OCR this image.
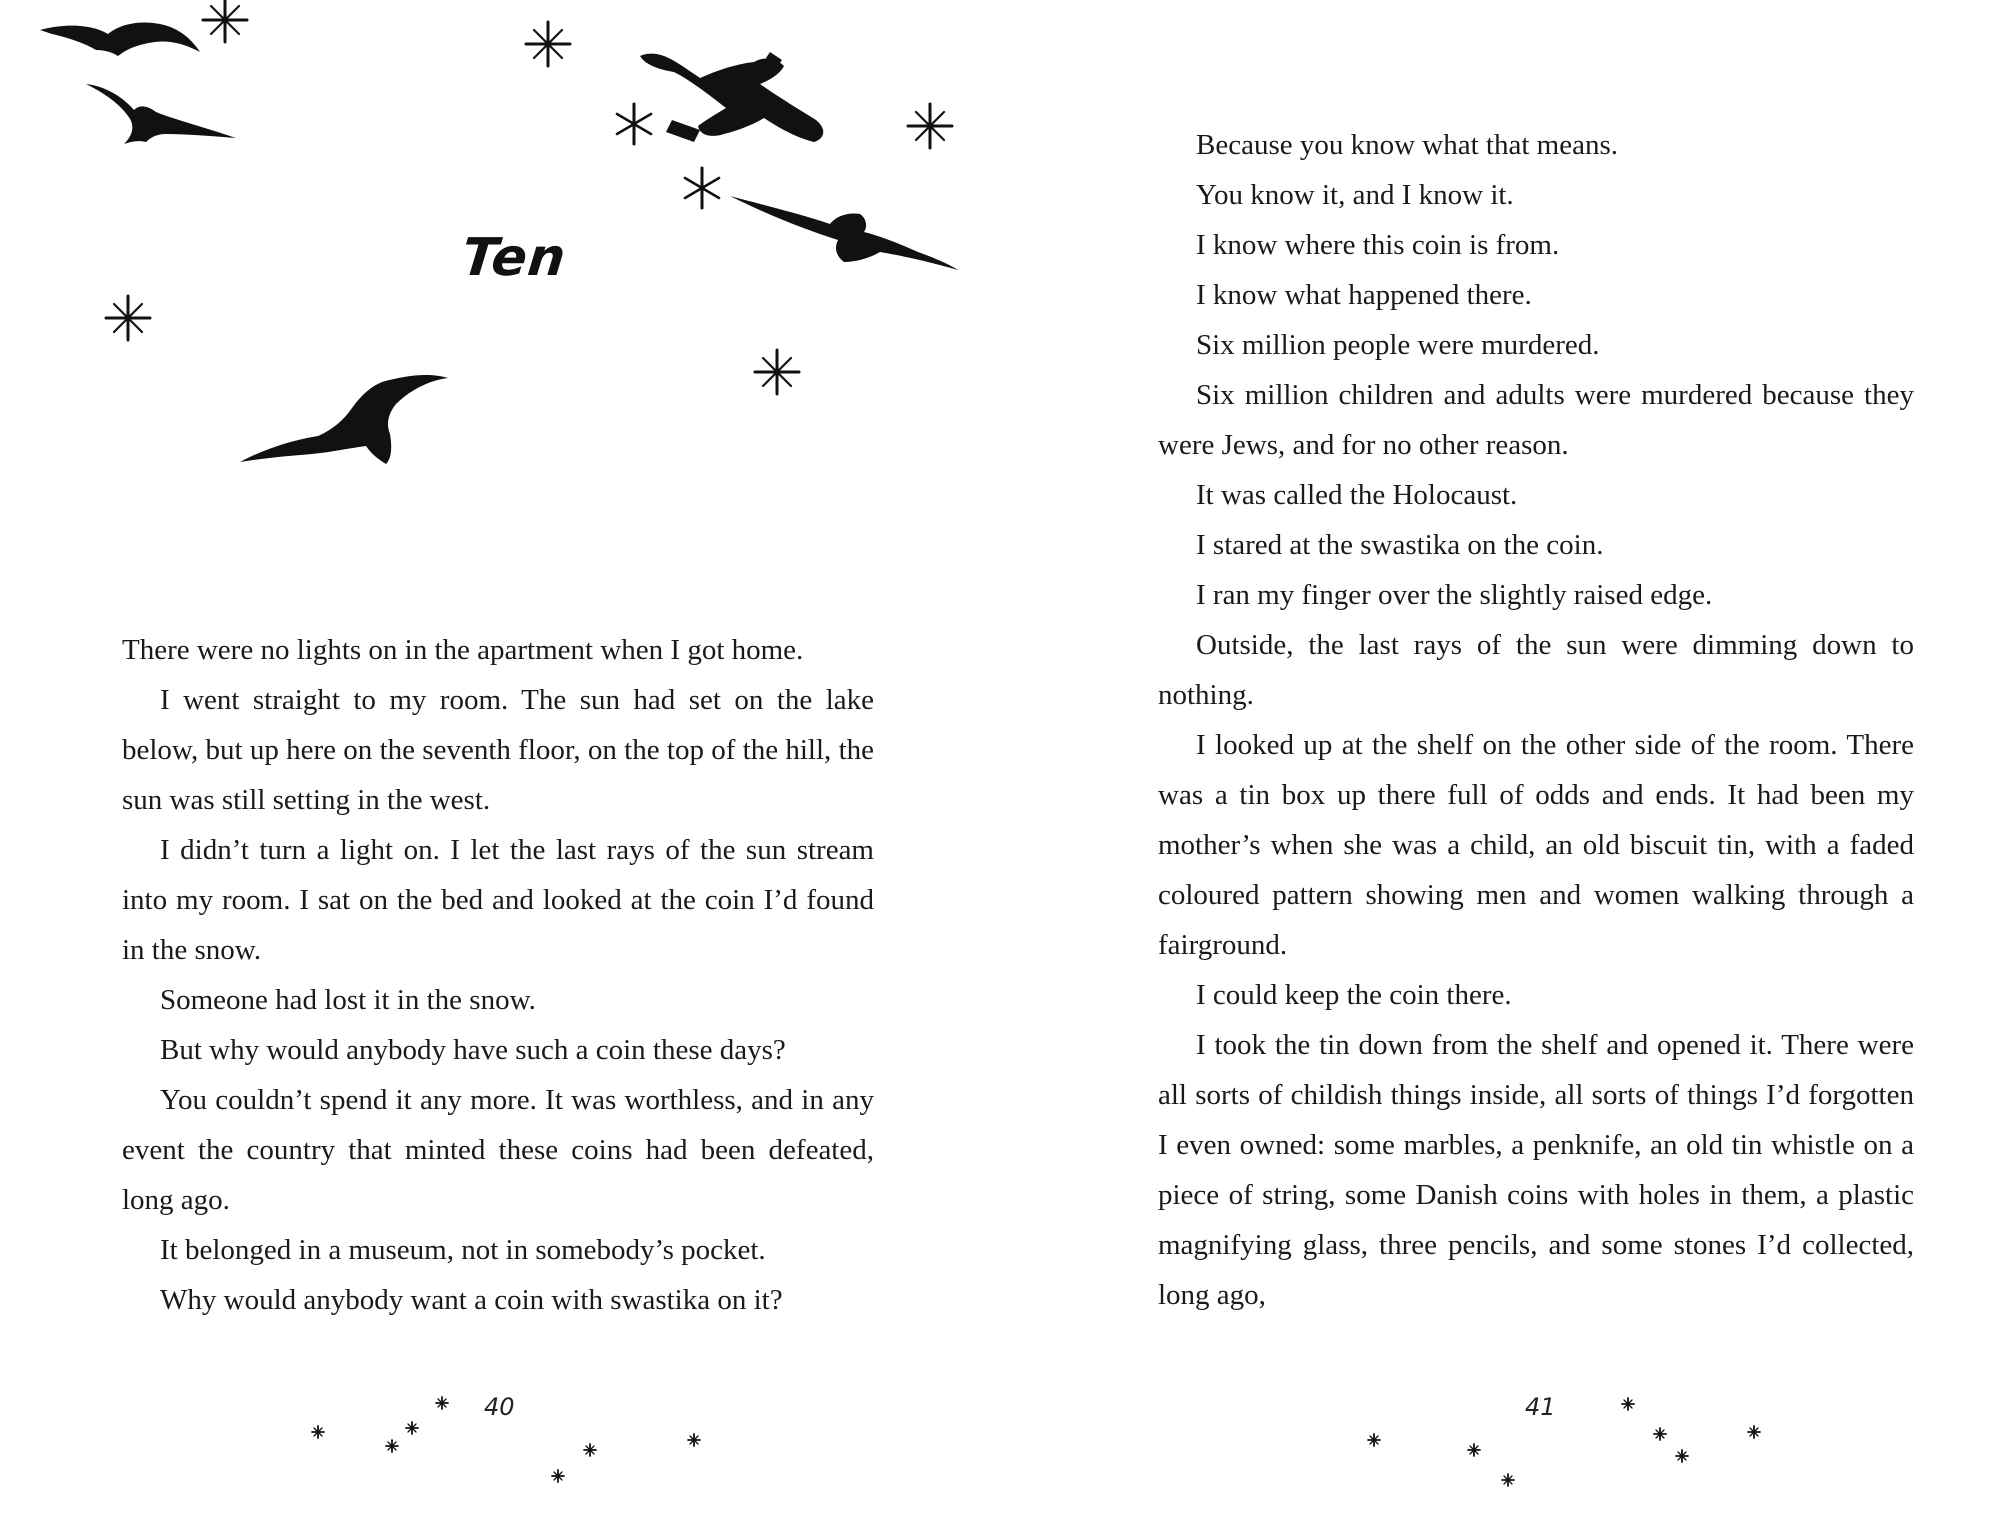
Ten

There were no lights on in the apartment when I got home.

I went straight to my room. The sun had set on the lake below, but up here on the seventh floor, on the top of the hill, the sun was still setting in the west.

I didn’t turn a light on. I let the last rays of the sun stream into my room. I sat on the bed and looked at the coin I’d found in the snow.

Someone had lost it in the snow.

But why would anybody have such a coin these days?

You couldn’t spend it any more. It was worthless, and in any event the country that minted these coins had been defeated, long ago.

It belonged in a museum, not in somebody’s pocket.

Why would anybody want a coin with swastika on it?

Because you know what that means.

You know it, and I know it.

I know where this coin is from.

I know what happened there.

Six million people were murdered.

Six million children and adults were murdered because they were Jews, and for no other reason.

It was called the Holocaust.

I stared at the swastika on the coin.

I ran my finger over the slightly raised edge.

Outside, the last rays of the sun were dimming down to nothing.

I looked up at the shelf on the other side of the room. There was a tin box up there full of odds and ends. It had been my mother’s when she was a child, an old biscuit tin, with a faded coloured pattern showing men and women walking through a fairground.

I could keep the coin there.

I took the tin down from the shelf and opened it. There were all sorts of childish things inside, all sorts of things I’d forgotten I even owned: some marbles, a penknife, an old tin whistle on a piece of string, some Danish coins with holes in them, a plastic magnifying glass, three pencils, and some stones I’d collected, long ago,

40	41
